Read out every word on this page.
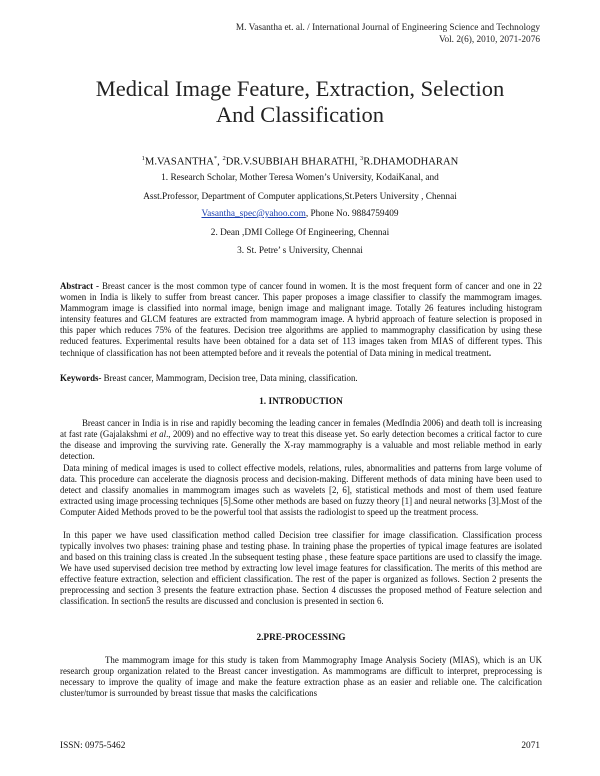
M. Vasantha et. al. / International Journal of Engineering Science and Technology
Vol. 2(6), 2010, 2071-2076
Medical Image Feature, Extraction, Selection
And Classification
$^1$M.VASANTHA*, $^2$DR.V.SUBBIAH BHARATHI, $^3$R.DHAMODHARAN
1. Research Scholar, Mother Teresa Women’s University, KodaiKanal, and
Asst.Professor, Department of Computer applications,St.Peters University , Chennai
Vasantha_spec@yahoo.com, Phone No. 9884759409
2. Dean ,DMI College Of Engineering, Chennai
3. St. Petre’ s University, Chennai
Abstract - Breast cancer is the most common type of cancer found in women. It is the most frequent form of cancer and one in 22 women in India is likely to suffer from breast cancer. This paper proposes a image classifier to classify the mammogram images. Mammogram image is classified into normal image, benign image and malignant image. Totally 26 features including histogram intensity features and GLCM features are extracted from mammogram image. A hybrid approach of feature selection is proposed in this paper which reduces 75% of the features. Decision tree algorithms are applied to mammography classification by using these reduced features. Experimental results have been obtained for a data set of 113 images taken from MIAS of different types. This technique of classification has not been attempted before and it reveals the potential of Data mining in medical treatment.
Keywords- Breast cancer, Mammogram, Decision tree, Data mining, classification.
1. INTRODUCTION
Breast cancer in India is in rise and rapidly becoming the leading cancer in females (MedIndia 2006) and death toll is increasing at fast rate (Gajalakshmi et al., 2009) and no effective way to treat this disease yet. So early detection becomes a critical factor to cure the disease and improving the surviving rate. Generally the X-ray mammography is a valuable and most reliable method in early detection.
Data mining of medical images is used to collect effective models, relations, rules, abnormalities and patterns from large volume of data. This procedure can accelerate the diagnosis process and decision-making. Different methods of data mining have been used to detect and classify anomalies in mammogram images such as wavelets [2, 6], statistical methods and most of them used feature extracted using image processing techniques [5].Some other methods are based on fuzzy theory [1] and neural networks [3].Most of the Computer Aided Methods proved to be the powerful tool that assists the radiologist to speed up the treatment process.
In this paper we have used classification method called Decision tree classifier for image classification. Classification process typically involves two phases: training phase and testing phase. In training phase the properties of typical image features are isolated and based on this training class is created .In the subsequent testing phase , these feature space partitions are used to classify the image. We have used supervised decision tree method by extracting low level image features for classification. The merits of this method are effective feature extraction, selection and efficient classification. The rest of the paper is organized as follows. Section 2 presents the preprocessing and section 3 presents the feature extraction phase. Section 4 discusses the proposed method of Feature selection and classification. In section5 the results are discussed and conclusion is presented in section 6.
2.PRE-PROCESSING
The mammogram image for this study is taken from Mammography Image Analysis Society (MIAS), which is an UK research group organization related to the Breast cancer investigation. As mammograms are difficult to interpret, preprocessing is necessary to improve the quality of image and make the feature extraction phase as an easier and reliable one. The calcification cluster/tumor is surrounded by breast tissue that masks the calcifications
ISSN: 0975-5462	2071
